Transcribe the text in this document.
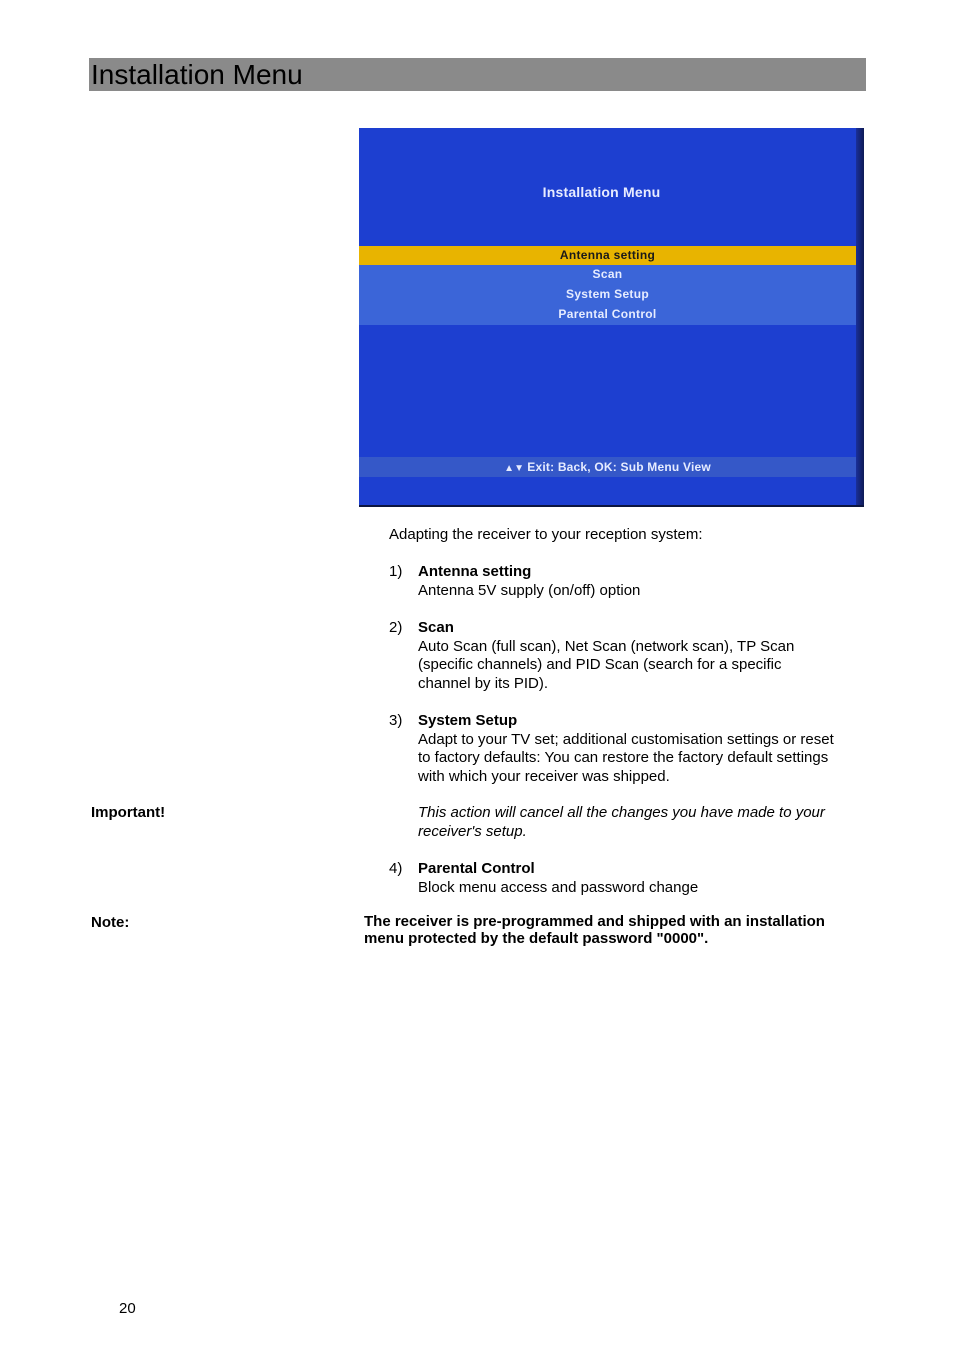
Installation Menu
Installation Menu
Antenna setting
Scan
System Setup
Parental Control
▲▼ Exit: Back, OK: Sub Menu View
Adapting the receiver to your reception system:
1) Antenna setting
Antenna 5V supply (on/off) option
2) Scan
Auto Scan (full scan), Net Scan (network scan), TP Scan
(specific channels) and PID Scan (search for a specific
channel by its PID).
3) System Setup
Adapt to your TV set; additional customisation settings or reset
to factory defaults: You can restore the factory default settings
with which your receiver was shipped.
Important!	This action will cancel all the changes you have made to your
receiver's setup.
4) Parental Control
Block menu access and password change
Note:	The receiver is pre-programmed and shipped with an installation
menu protected by the default password "0000".
20
